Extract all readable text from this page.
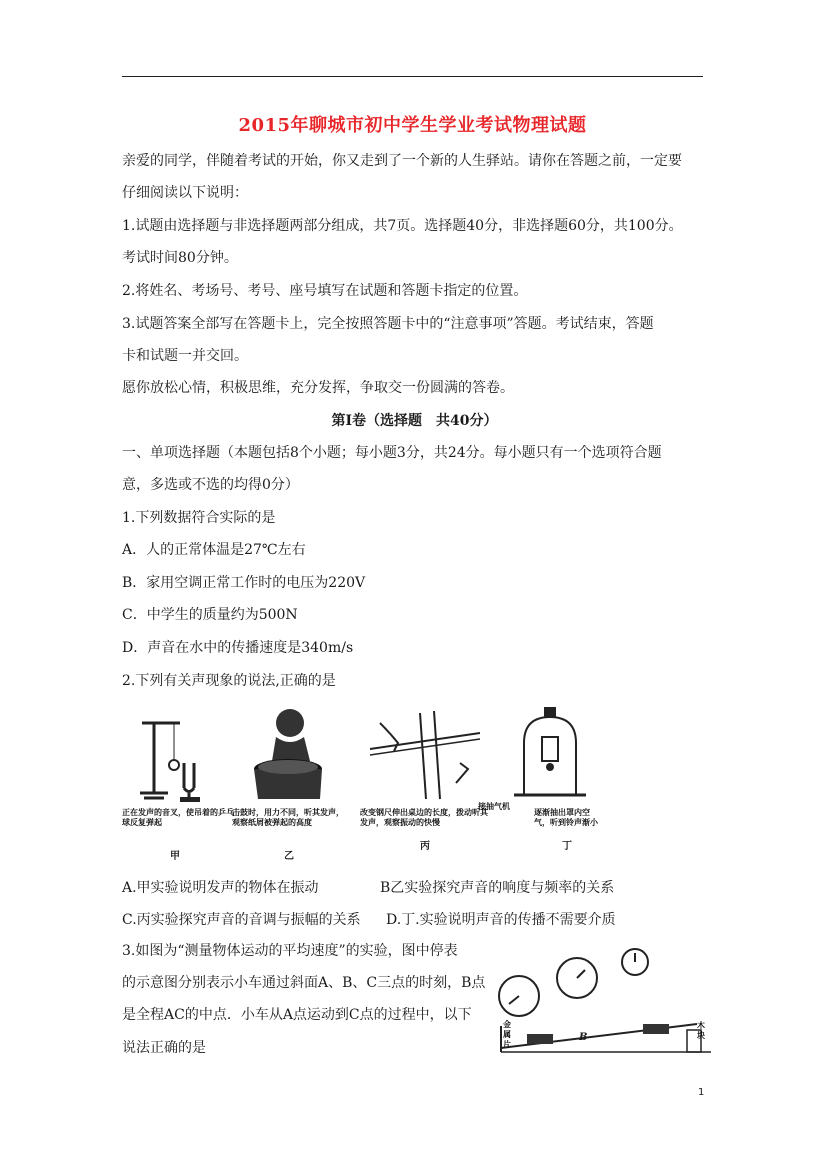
2015年聊城市初中学生学业考试物理试题
亲爱的同学，伴随着考试的开始，你又走到了一个新的人生驿站。请你在答题之前，一定要
仔细阅读以下说明：
1.试题由选择题与非选择题两部分组成，共7页。选择题40分，非选择题60分，共100分。
考试时间80分钟。
2.将姓名、考场号、考号、座号填写在试题和答题卡指定的位置。
3.试题答案全部写在答题卡上，完全按照答题卡中的“注意事项”答题。考试结束，答题
卡和试题一并交回。
愿你放松心情，积极思维，充分发挥，争取交一份圆满的答卷。
第Ⅰ卷（选择题　共40分）
一、单项选择题（本题包括8个小题；每小题3分，共24分。每小题只有一个选项符合题
意，多选或不选的均得0分）
1.下列数据符合实际的是
A．人的正常体温是27℃左右
B．家用空调正常工作时的电压为220V
C．中学生的质量约为500N
D．声音在水中的传播速度是340m/s
2.下列有关声现象的说法,正确的是
正在发声的音叉，使吊着的乒乓球反复弹起
甲
击鼓时，用力不同，听其发声，观察纸屑被弹起的高度
乙
改变钢尺伸出桌边的长度，拨动听其发声，观察振动的快慢
丙
接抽气机
逐渐抽出罩内空气，听到铃声渐小
丁
A.甲实验说明发声的物体在振动	B乙实验探究声音的响度与频率的关系
C.丙实验探究声音的音调与振幅的关系 D.丁.实验说明声音的传播不需要介质
3.如图为“测量物体运动的平均速度”的实验，图中停表
的示意图分别表示小车通过斜面A、B、C三点的时刻，B点
是全程AC的中点．小车从A点运动到C点的过程中，以下
说法正确的是
金属片
B
木块
1
